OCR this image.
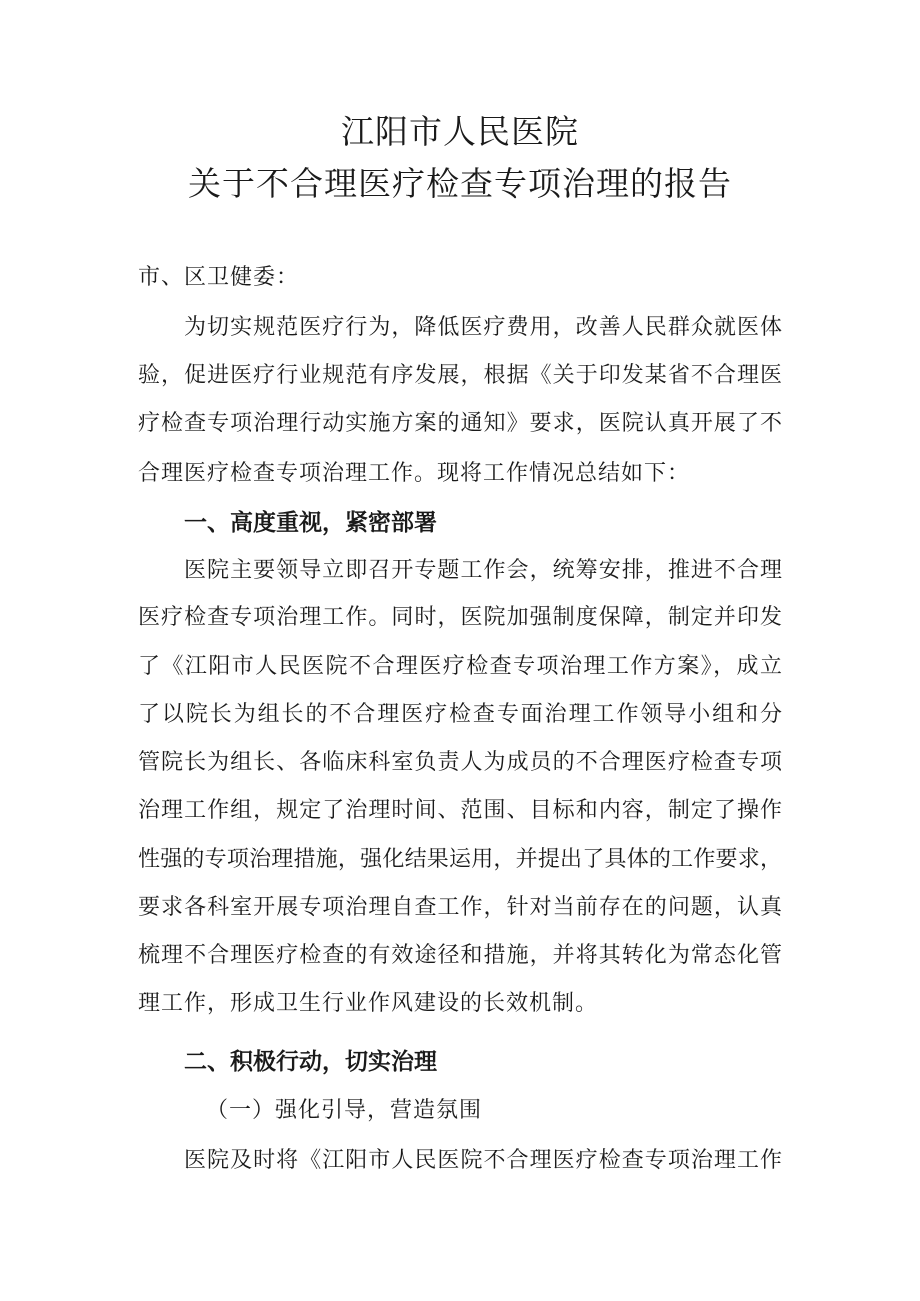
江阳市人民医院
关于不合理医疗检查专项治理的报告

市、区卫健委：

为切实规范医疗行为，降低医疗费用，改善人民群众就医体

验，促进医疗行业规范有序发展，根据《关于印发某省不合理医

疗检查专项治理行动实施方案的通知》要求，医院认真开展了不

合理医疗检查专项治理工作。现将工作情况总结如下：

一、高度重视，紧密部署

医院主要领导立即召开专题工作会，统筹安排，推进不合理

医疗检查专项治理工作。同时，医院加强制度保障，制定并印发

了《江阳市人民医院不合理医疗检查专项治理工作方案》，成立

了以院长为组长的不合理医疗检查专面治理工作领导小组和分

管院长为组长、各临床科室负责人为成员的不合理医疗检查专项

治理工作组，规定了治理时间、范围、目标和内容，制定了操作

性强的专项治理措施，强化结果运用，并提出了具体的工作要求，

要求各科室开展专项治理自查工作，针对当前存在的问题，认真

梳理不合理医疗检查的有效途径和措施，并将其转化为常态化管

理工作，形成卫生行业作风建设的长效机制。

二、积极行动，切实治理

（一）强化引导，营造氛围

医院及时将《江阳市人民医院不合理医疗检查专项治理工作
